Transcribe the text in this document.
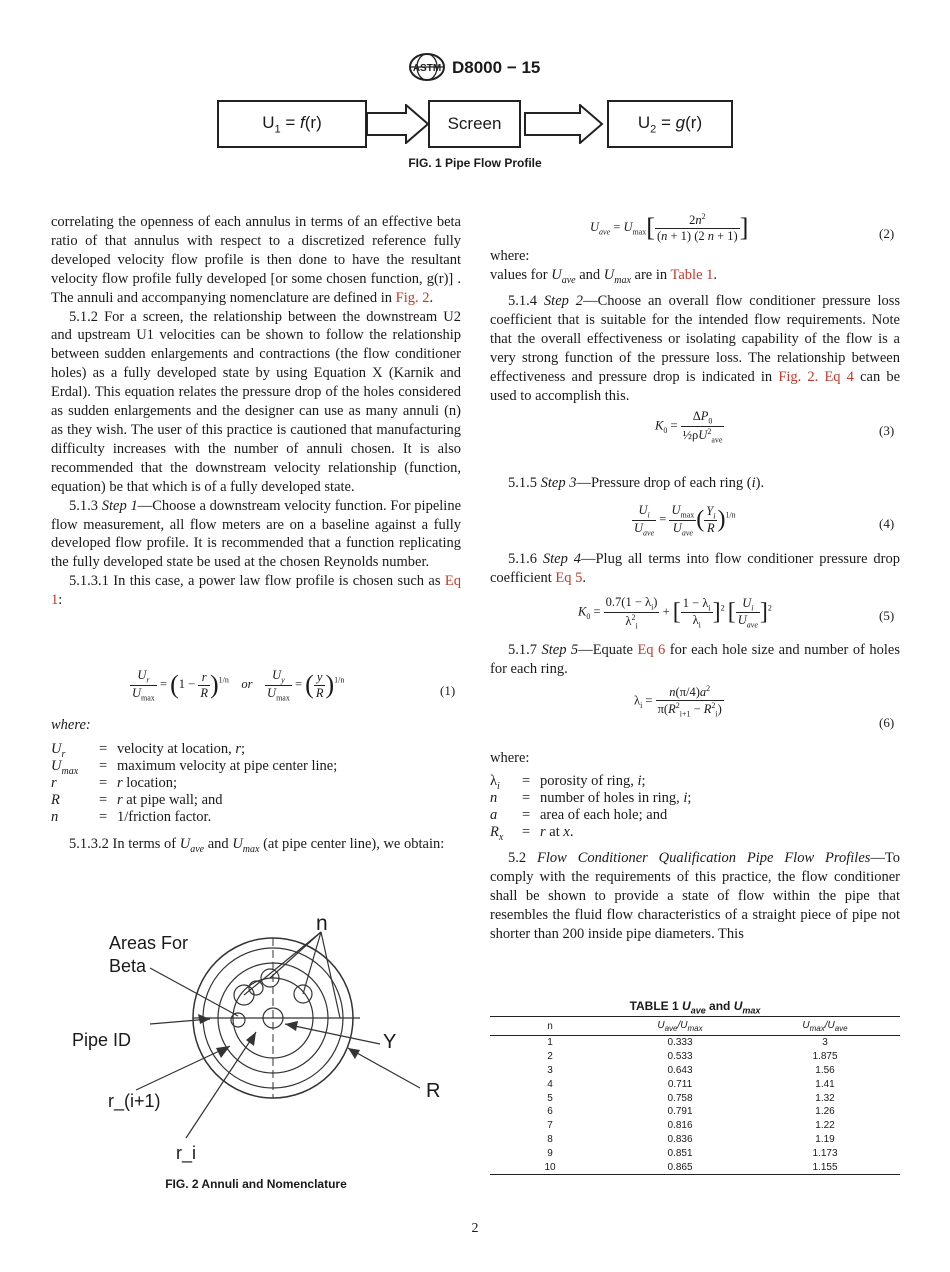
ASTM D8000 − 15
$U_1 = f(r)$	Screen	$U_2 = g(r)$
FIG. 1 Pipe Flow Profile

correlating the openness of each annulus in terms of an effective beta ratio of that annulus with respect to a discretized reference fully developed velocity flow profile is then done to have the resultant velocity flow profile fully developed [or some chosen function, g(r)] . The annuli and accompanying nomenclature are defined in Fig. 2.

5.1.2 For a screen, the relationship between the downstream U2 and upstream U1 velocities can be shown to follow the relationship between sudden enlargements and contractions (the flow conditioner holes) as a fully developed state by using Equation X (Karnik and Erdal). This equation relates the pressure drop of the holes considered as sudden enlargements and the designer can use as many annuli (n) as they wish. The user of this practice is cautioned that manufacturing difficulty increases with the number of annuli chosen. It is also recommended that the downstream velocity relationship (function, equation) be that which is of a fully developed state.

5.1.3 Step 1—Choose a downstream velocity function. For pipeline flow measurement, all flow meters are on a baseline against a fully developed flow profile. It is recommended that a function replicating the fully developed state be used at the chosen Reynolds number.

5.1.3.1 In this case, a power law flow profile is chosen such as Eq 1:

$\frac{U_r}{U_{max}} = (1 - \frac{r}{R} )^{1/n}$ or $\frac{U_y}{U_{max}}$ = ( $\frac{y}{R} )^{1/n}$
(1)
where:
$U_r$ = velocity at location, r;
$U_{max}$ = maximum velocity at pipe center line;
r	= r location;
R	= r at pipe wall; and
n	= 1/friction factor.

5.1.3.2 In terms of $U_{ave}$ and $U_{max}$ (at pipe center line), we obtain:

Areas For
Beta
n
Pipe ID	Y
R
r_(i+1)
r_i
FIG. 2 Annuli and Nomenclature
$U_{ave} = U_{max}[ \frac{2n^2}{(n + 1) (2 n + 1)}$ ]	(2)

where:

values for $U_{ave}$ and $U_{max}$ are in Table 1.

5.1.4 Step 2—Choose an overall flow conditioner pressure loss coefficient that is suitable for the intended flow requirements. Note that the overall effectiveness or isolating capability of the flow is a very strong function of the pressure loss. The relationship between effectiveness and pressure drop is indicated in Fig. 2. Eq 4 can be used to accomplish this.

$K_0 = \frac{\Delta P_0}{\frac{1}{2}\rho U^2_{ave}}$	(3)

5.1.5 Step 3—Pressure drop of each ring (i).

$\frac{U_i}{U_{ave}} = \frac{U_{max}}{U_{ave}}$ ( $\frac{Y_i}{R} )^{1/n}$
(4)

5.1.6 Step 4—Plug all terms into flow conditioner pressure drop coefficient Eq 5.

$K_0 = \frac{0.7(1 - \lambda_i)}{\lambda^2_i}$ + [ $\frac{1 - \lambda_i}{\lambda_i} ]^2$ [ $\frac{U_i}{U_{ave}} ]^2$
(5)

5.1.7 Step 5—Equate Eq 6 for each hole size and number of holes for each ring.

$\lambda_i = \frac{n(\pi/4)a^2}{\pi(R^2_{i+1} - R^2_i)}$
(6)
where:
$\lambda_i$ = porosity of ring, i;
n = number of holes in ring, i;
a = area of each hole; and
$R_x = r$ at x.

5.2 Flow Conditioner Qualification Pipe Flow Profiles—To comply with the requirements of this practice, the flow conditioner shall be shown to provide a state of flow within the pipe that resembles the fluid flow characteristics of a straight piece of pipe not shorter than 200 inside pipe diameters. This

TABLE 1 $U_{ave}$ and $U_{max}$
n	$U_{ave}/U_{max}$	$U_{max}/U_{ave}$
1	0.333	3
2	0.533	1.875
3	0.643	1.56
4	0.711	1.41
5	0.758	1.32
6	0.791	1.26
7	0.816	1.22
8	0.836	1.19
9	0.851	1.173
10	0.865	1.155
2
